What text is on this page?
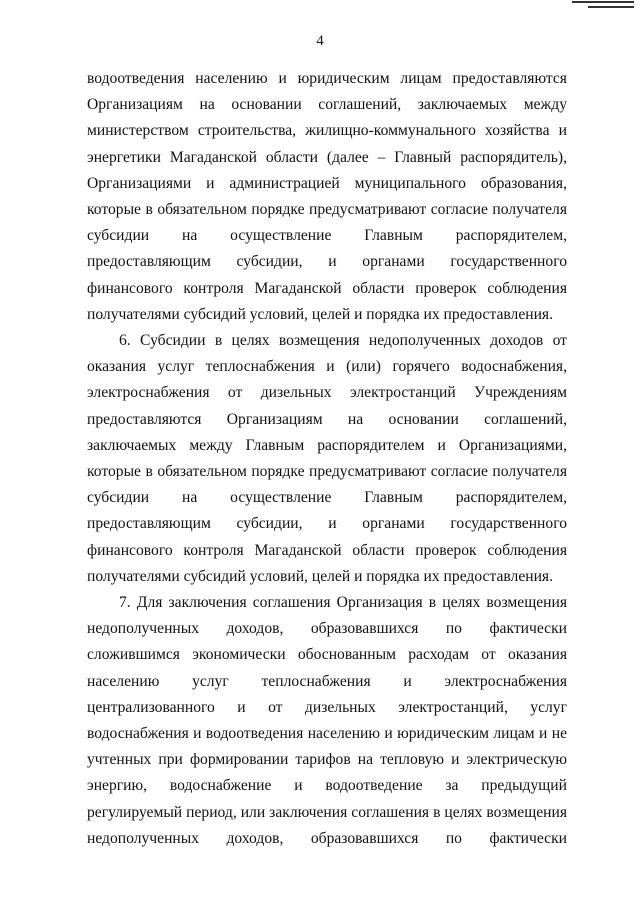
4

водоотведения населению и юридическим лицам предоставляются Организациям на основании соглашений, заключаемых между министерством строительства, жилищно-коммунального хозяйства и энергетики Магаданской области (далее – Главный распорядитель), Организациями и администрацией муниципального образования, которые в обязательном порядке предусматривают согласие получателя субсидии на осуществление Главным распорядителем, предоставляющим субсидии, и органами государственного финансового контроля Магаданской области проверок соблюдения получателями субсидий условий, целей и порядка их предоставления.

6. Субсидии в целях возмещения недополученных доходов от оказания услуг теплоснабжения и (или) горячего водоснабжения, электроснабжения от дизельных электростанций Учреждениям предоставляются Организациям на основании соглашений, заключаемых между Главным распорядителем и Организациями, которые в обязательном порядке предусматривают согласие получателя субсидии на осуществление Главным распорядителем, предоставляющим субсидии, и органами государственного финансового контроля Магаданской области проверок соблюдения получателями субсидий условий, целей и порядка их предоставления.

7. Для заключения соглашения Организация в целях возмещения недополученных доходов, образовавшихся по фактически сложившимся экономически обоснованным расходам от оказания населению услуг теплоснабжения и электроснабжения централизованного и от дизельных электростанций, услуг водоснабжения и водоотведения населению и юридическим лицам и не учтенных при формировании тарифов на тепловую и электрическую энергию, водоснабжение и водоотведение за предыдущий регулируемый период, или заключения соглашения в целях возмещения недополученных доходов, образовавшихся по фактически
